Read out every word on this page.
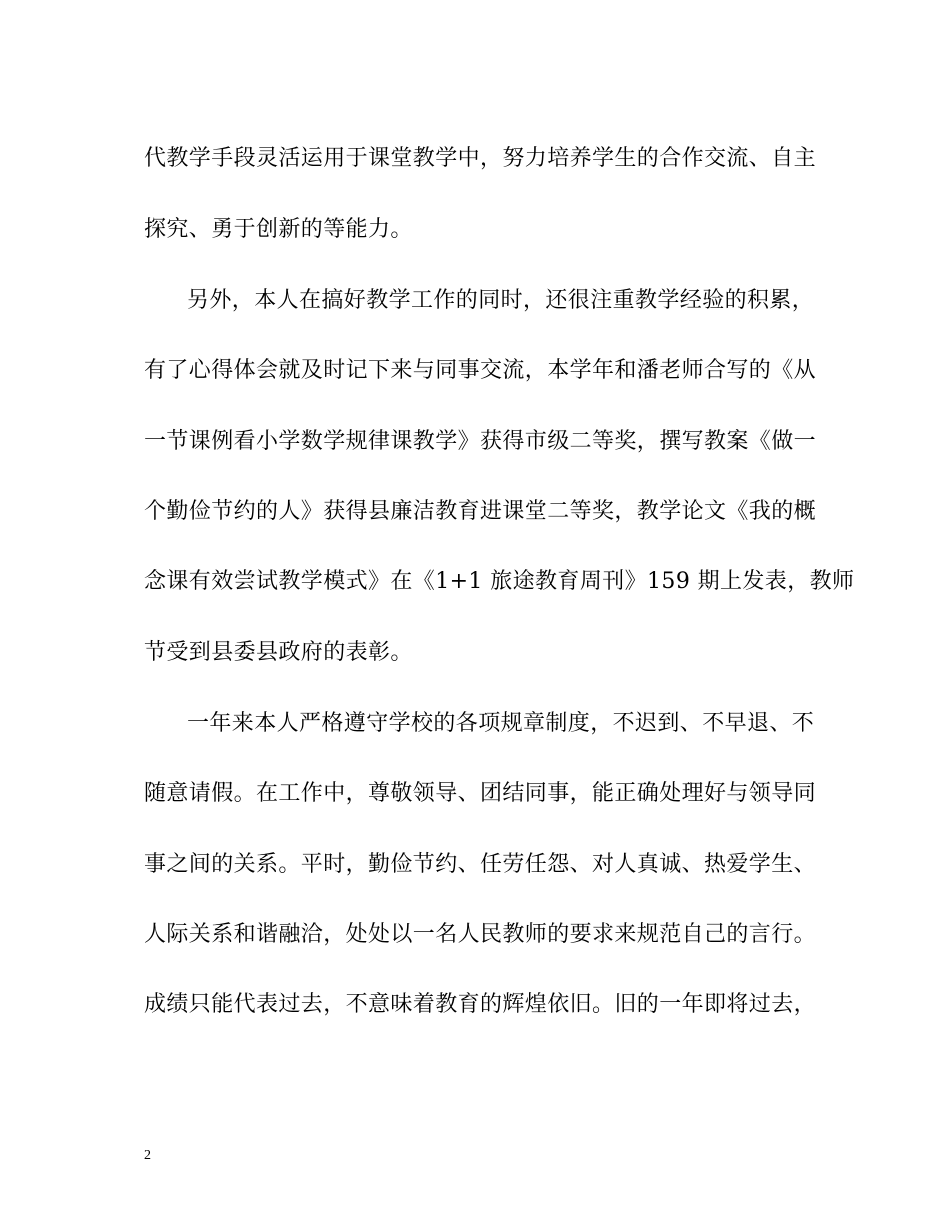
代教学手段灵活运用于课堂教学中，努力培养学生的合作交流、自主
探究、勇于创新的等能力。
另外，本人在搞好教学工作的同时，还很注重教学经验的积累，
有了心得体会就及时记下来与同事交流，本学年和潘老师合写的《从
一节课例看小学数学规律课教学》获得市级二等奖，撰写教案《做一
个勤俭节约的人》获得县廉洁教育进课堂二等奖，教学论文《我的概
念课有效尝试教学模式》在《1+1 旅途教育周刊》159 期上发表，教师
节受到县委县政府的表彰。
一年来本人严格遵守学校的各项规章制度，不迟到、不早退、不
随意请假。在工作中，尊敬领导、团结同事，能正确处理好与领导同
事之间的关系。平时，勤俭节约、任劳任怨、对人真诚、热爱学生、
人际关系和谐融洽，处处以一名人民教师的要求来规范自己的言行。
成绩只能代表过去，不意味着教育的辉煌依旧。旧的一年即将过去，
2
